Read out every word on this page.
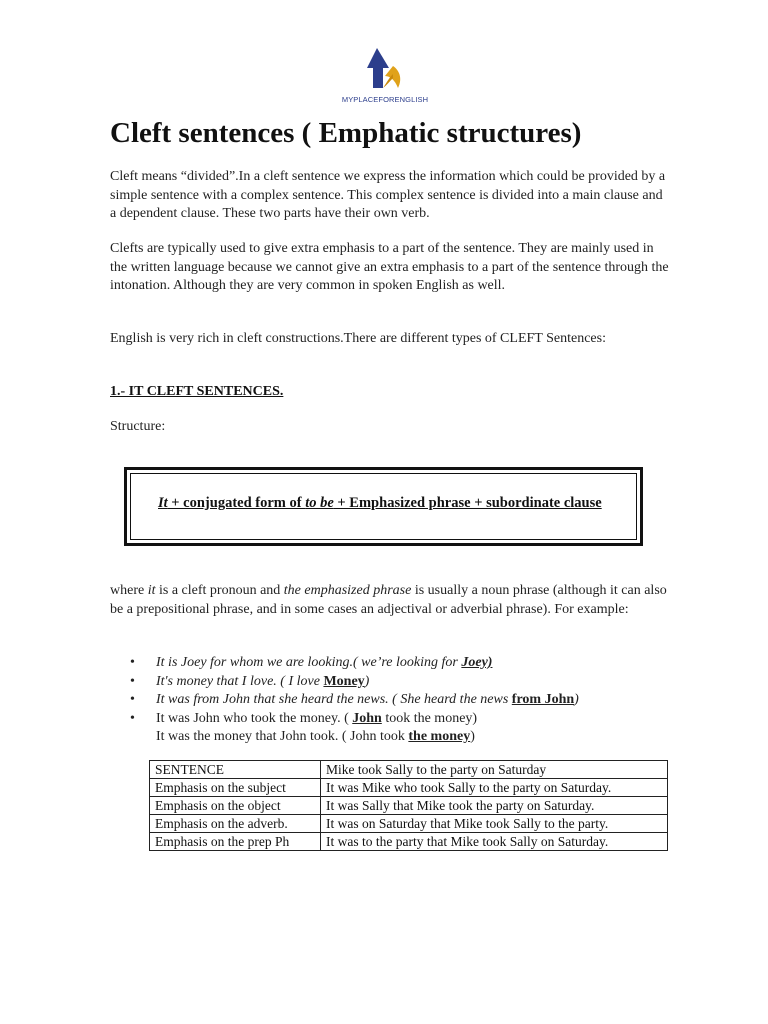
MYPLACEFORENGLISH
Cleft sentences ( Emphatic structures)

Cleft means “divided”.In a cleft sentence we express the information which could be provided by a simple sentence with a complex sentence. This complex sentence is divided into a main clause and a dependent clause. These two parts have their own verb.

Clefts are typically used to give extra emphasis to a part of the sentence. They are mainly used in the written language because we cannot give an extra emphasis to a part of the sentence through the intonation. Although they are very common in spoken English as well.

English is very rich in cleft constructions.There are different types of CLEFT Sentences:

1.- IT CLEFT SENTENCES.
Structure:
It + conjugated form of to be + Emphasized phrase + subordinate clause

where it is a cleft pronoun and the emphasized phrase is usually a noun phrase (although it can also be a prepositional phrase, and in some cases an adjectival or adverbial phrase). For example:

• It is Joey for whom we are looking.( we’re looking for Joey)
• It's money that I love. ( I love Money)
• It was from John that she heard the news. ( She heard the news from John)
• It was John who took the money. ( John took the money)
It was the money that John took. ( John took the money)
SENTENCE	Mike took Sally to the party on Saturday
Emphasis on the subject	It was Mike who took Sally to the party on Saturday.
Emphasis on the object	It was Sally that Mike took the party on Saturday.
Emphasis on the adverb.	It was on Saturday that Mike took Sally to the party.
Emphasis on the prep Ph	It was to the party that Mike took Sally on Saturday.
